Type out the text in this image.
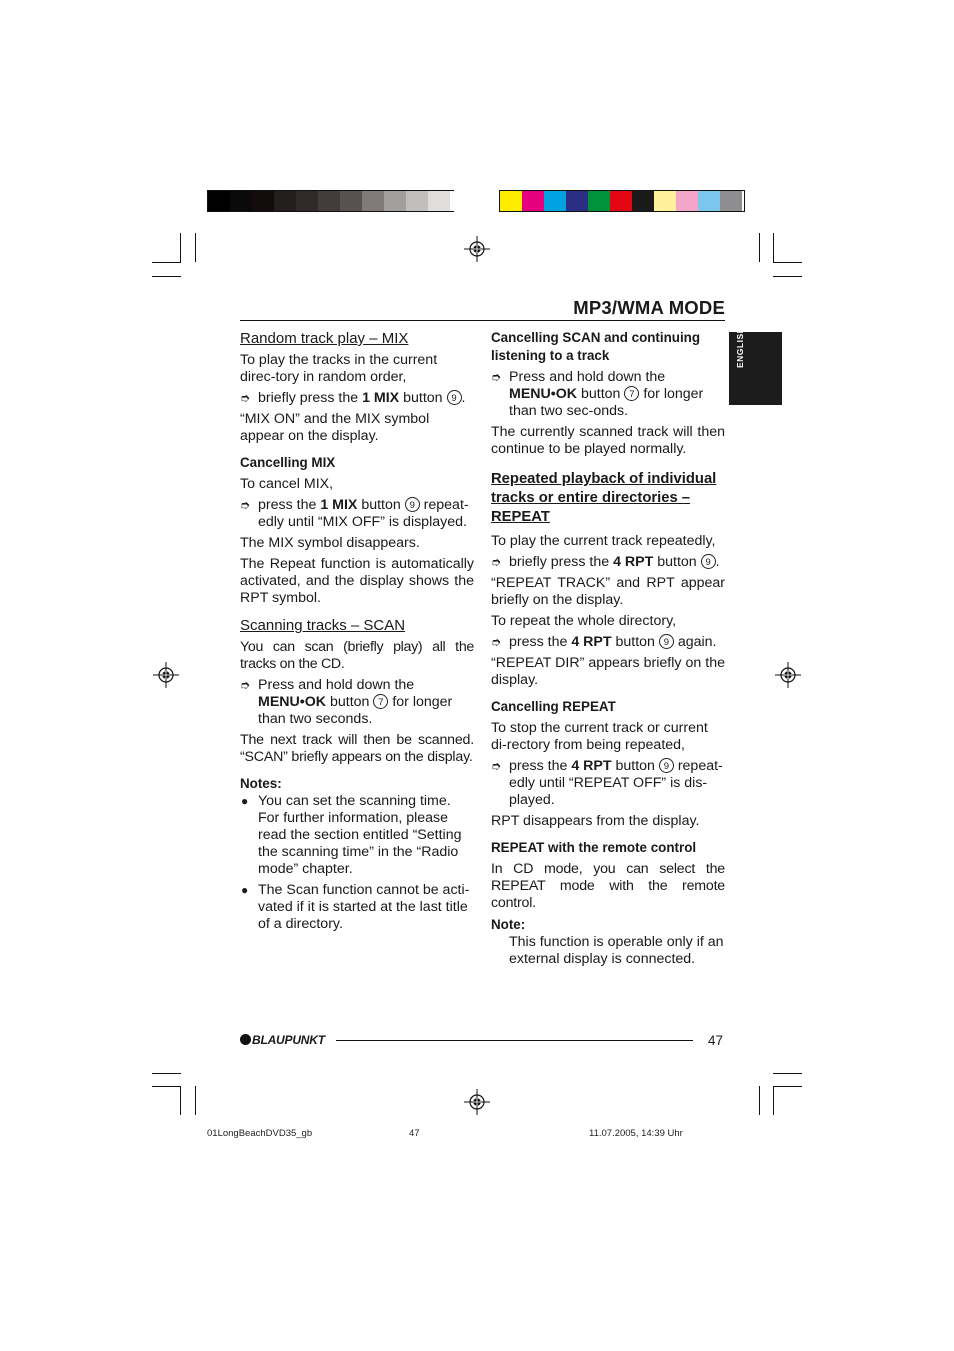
MP3/WMA MODE
ENGLISH
Random track play – MIX

To play the tracks in the current direc-tory in random order,

➮ briefly press the 1 MIX button 9 .

“MIX ON” and the MIX symbol appear on the display.

Cancelling MIX

To cancel MIX,

➮ press the 1 MIX button 9 repeat-edly until “MIX OFF” is displayed.

The MIX symbol disappears.

The Repeat function is automatically activated, and the display shows the RPT symbol.

Scanning tracks – SCAN

You can scan (briefly play) all the tracks on the CD.

➮ Press and hold down the MENU•OK button 7 for longer than two seconds.

The next track will then be scanned. “SCAN” briefly appears on the display.

Notes:
● You can set the scanning time. For further information, please read the section entitled “Setting the scanning time” in the “Radio mode” chapter.
● The Scan function cannot be acti-vated if it is started at the last title of a directory.
Cancelling SCAN and continuing listening to a track
➮ Press and hold down the MENU•OK button 7 for longer than two sec-onds.

The currently scanned track will then continue to be played normally.

Repeated playback of individual tracks or entire directories – REPEAT

To play the current track repeatedly,

➮ briefly press the 4 RPT button 9 .

“REPEAT TRACK” and RPT appear briefly on the display.

To repeat the whole directory,

➮ press the 4 RPT button 9 again.

“REPEAT DIR” appears briefly on the display.

Cancelling REPEAT

To stop the current track or current di-rectory from being repeated,

➮ press the 4 RPT button 9 repeat-edly until “REPEAT OFF” is dis-played.

RPT disappears from the display.

REPEAT with the remote control

In CD mode, you can select the REPEAT mode with the remote control.

Note:

This function is operable only if an external display is connected.

BLAUPUNKT	47
01LongBeachDVD35_gb	47	11.07.2005, 14:39 Uhr
